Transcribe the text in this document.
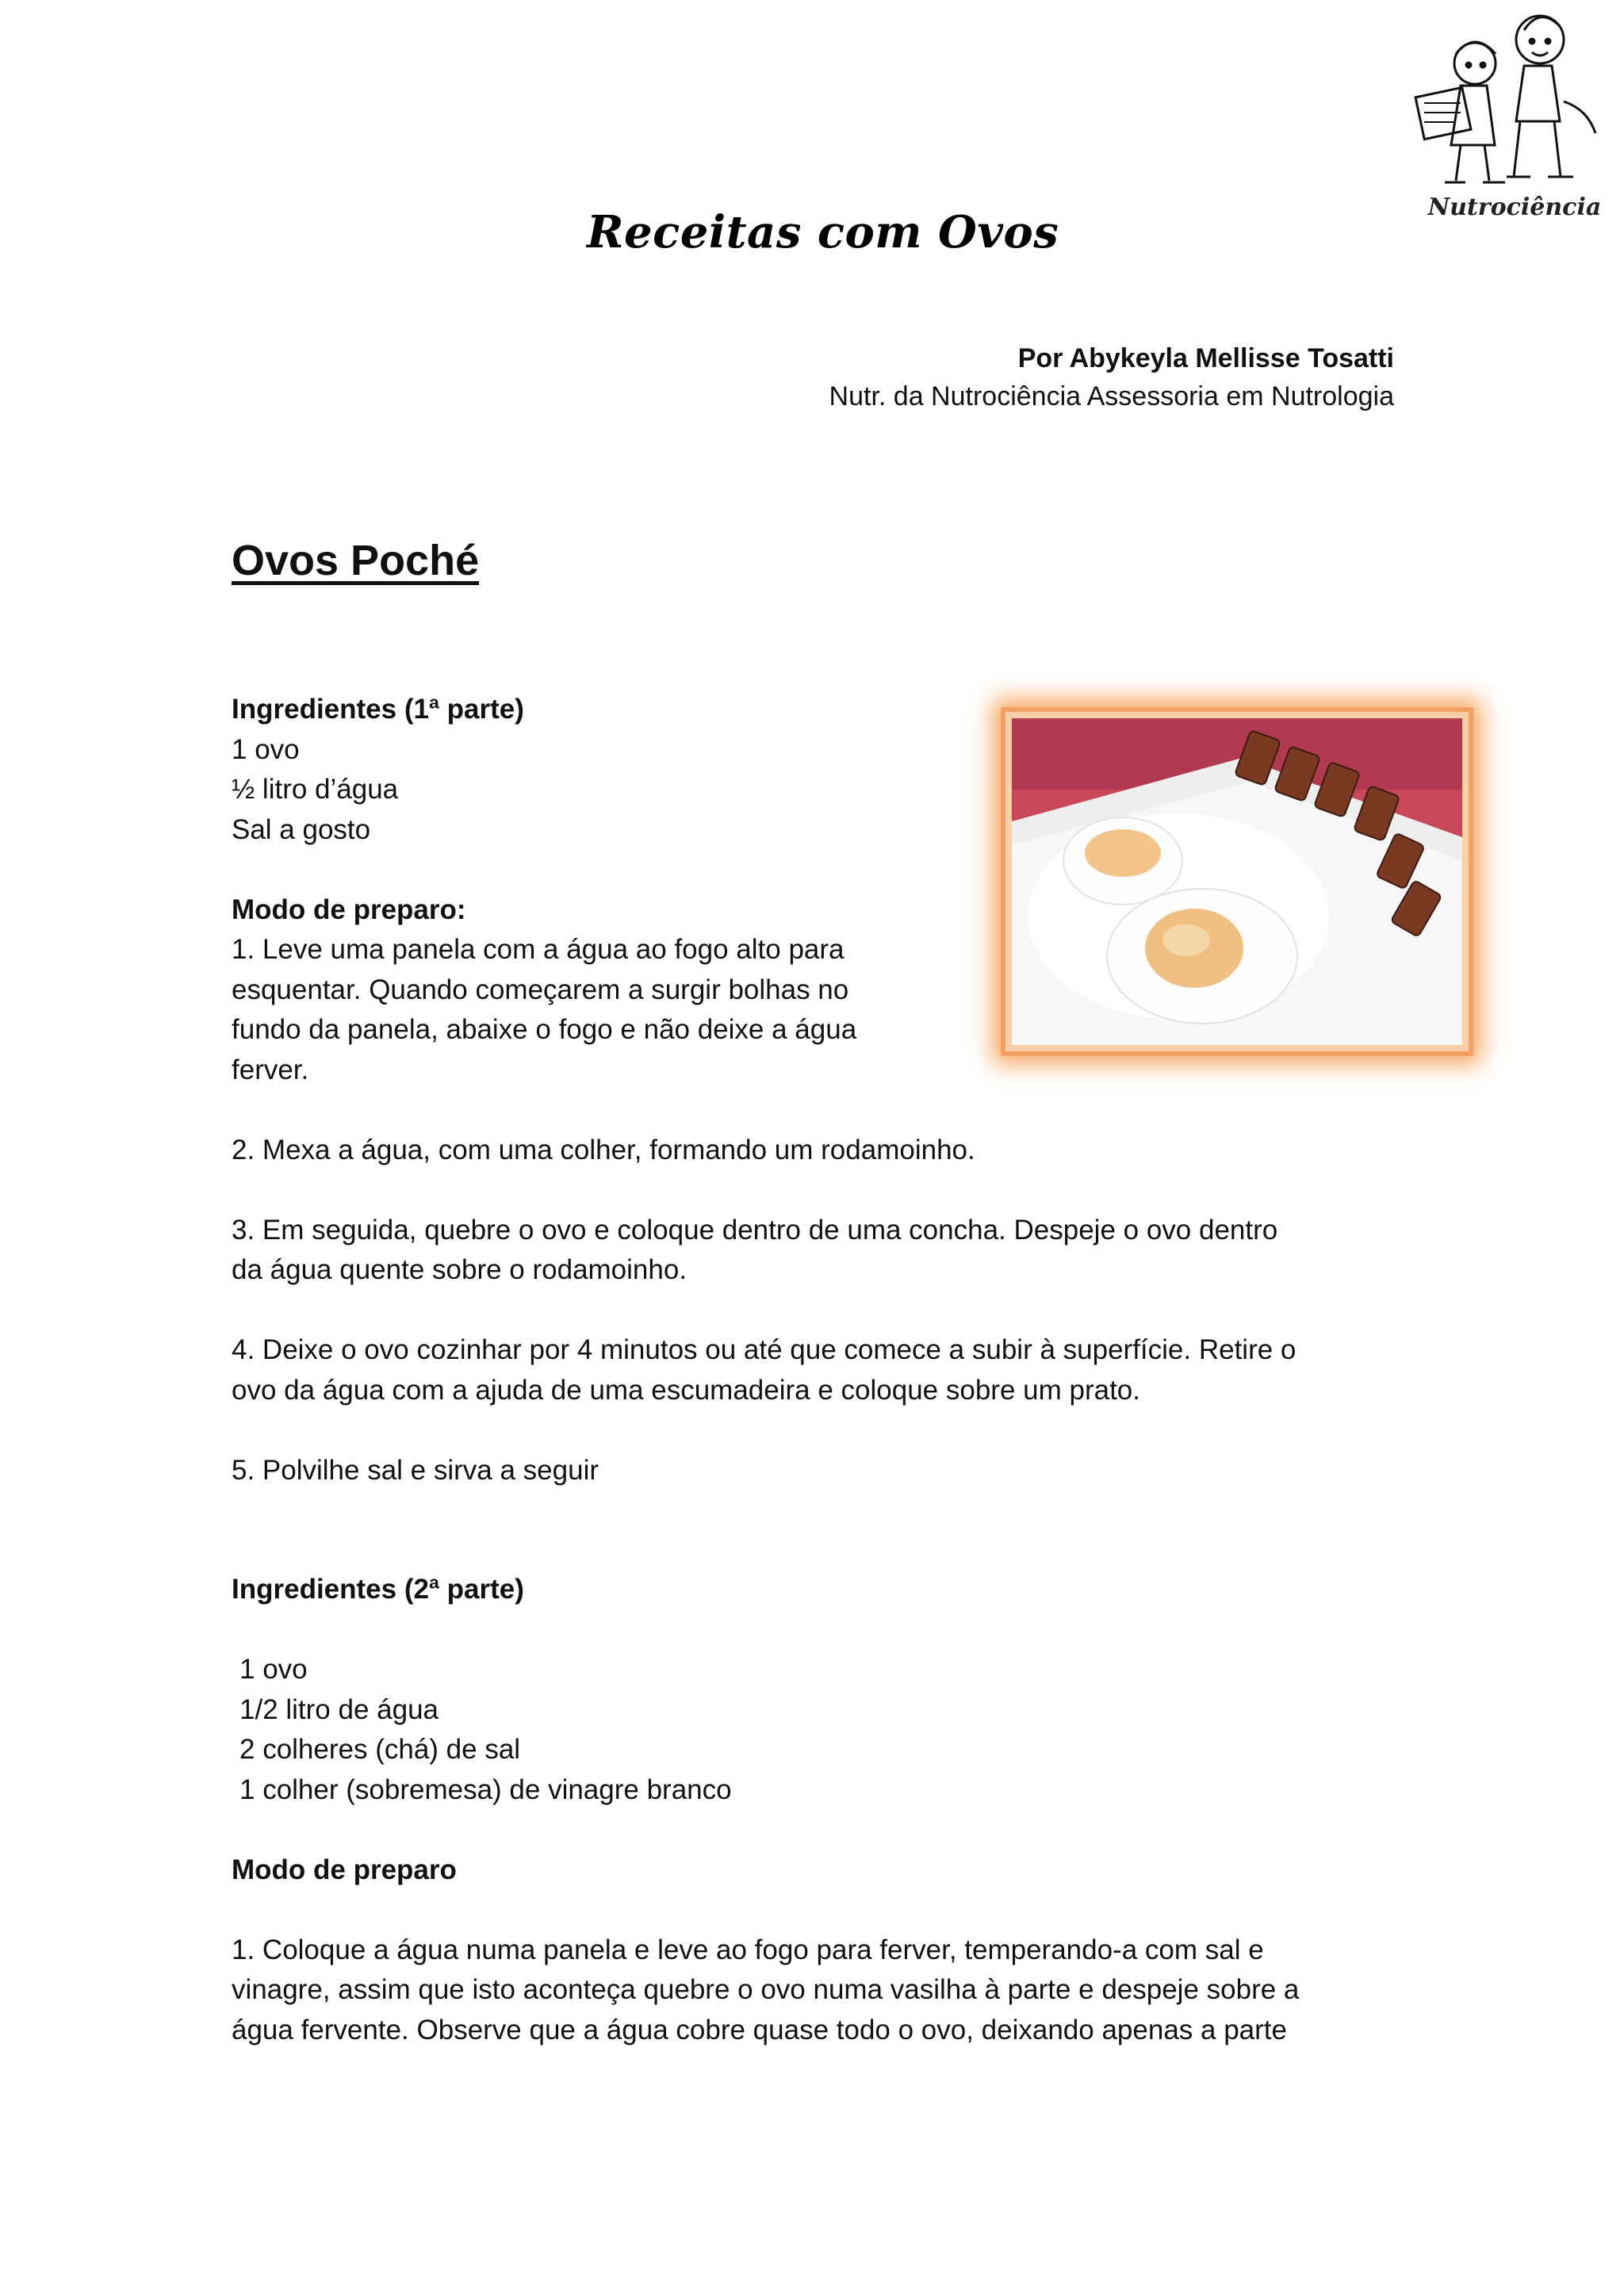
Nutrociência
Receitas com Ovos
Por Abykeyla Mellisse Tosatti
Nutr. da Nutrociência Assessoria em Nutrologia
Ovos Poché
Ingredientes (1ª parte)
1 ovo
½ litro d’água
Sal a gosto
Modo de preparo:
1. Leve uma panela com a água ao fogo alto para
esquentar. Quando começarem a surgir bolhas no
fundo da panela, abaixe o fogo e não deixe a água
ferver.
2. Mexa a água, com uma colher, formando um rodamoinho.
3. Em seguida, quebre o ovo e coloque dentro de uma concha. Despeje o ovo dentro
da água quente sobre o rodamoinho.
4. Deixe o ovo cozinhar por 4 minutos ou até que comece a subir à superfície. Retire o
ovo da água com a ajuda de uma escumadeira e coloque sobre um prato.
5. Polvilhe sal e sirva a seguir
Ingredientes (2ª parte)
1 ovo
1/2 litro de água
2 colheres (chá) de sal
1 colher (sobremesa) de vinagre branco
Modo de preparo
1. Coloque a água numa panela e leve ao fogo para ferver, temperando-a com sal e
vinagre, assim que isto aconteça quebre o ovo numa vasilha à parte e despeje sobre a
água fervente. Observe que a água cobre quase todo o ovo, deixando apenas a parte
